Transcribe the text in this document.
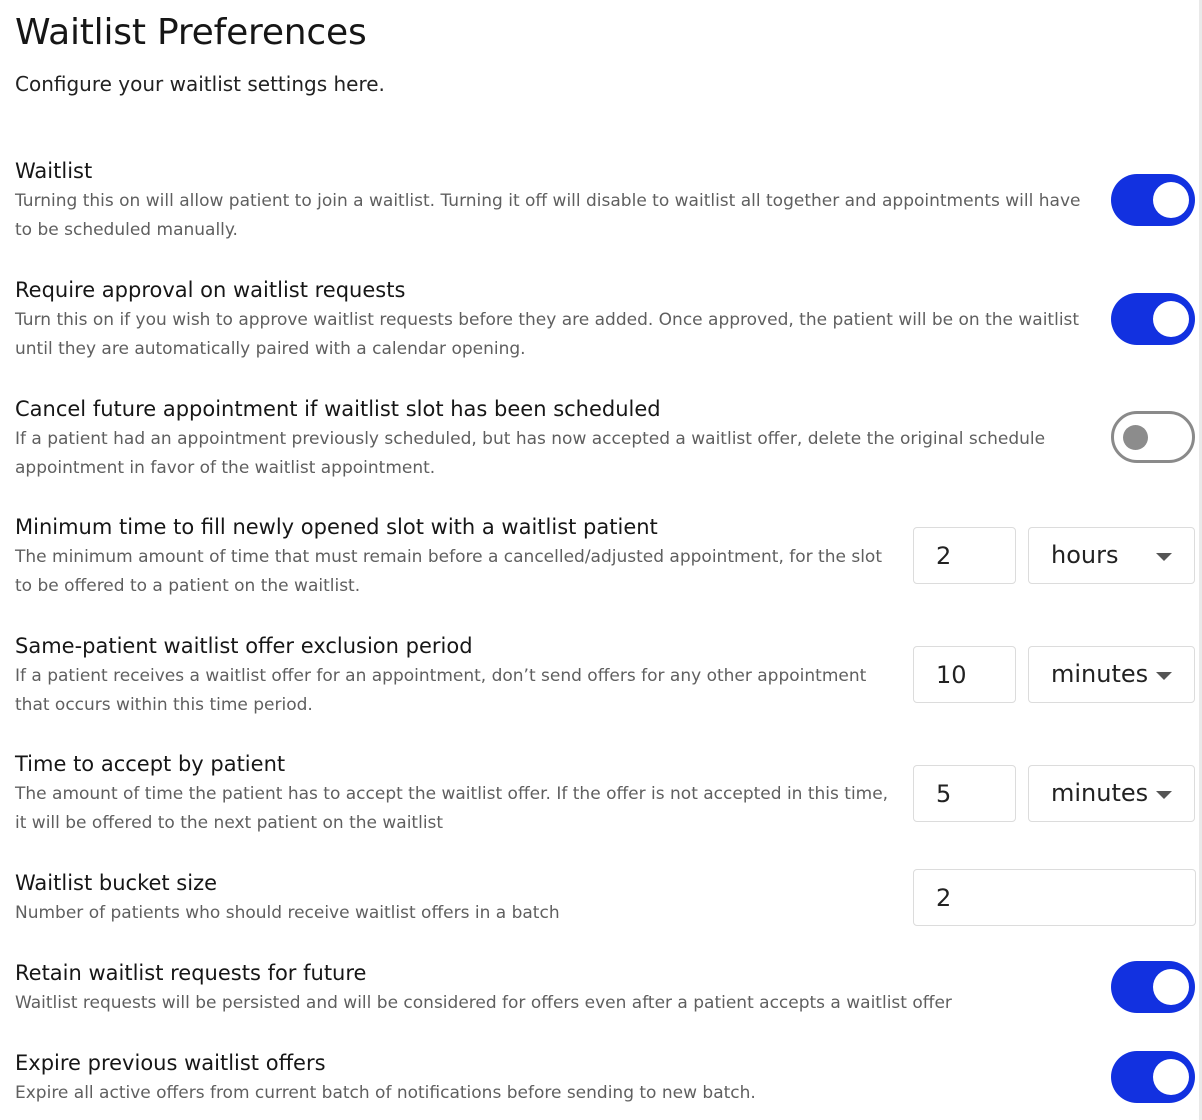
Waitlist Preferences
Configure your waitlist settings here.
Waitlist
Turning this on will allow patient to join a waitlist. Turning it off will disable to waitlist all together and appointments will have to be scheduled manually.
Require approval on waitlist requests
Turn this on if you wish to approve waitlist requests before they are added. Once approved, the patient will be on the waitlist until they are automatically paired with a calendar opening.
Cancel future appointment if waitlist slot has been scheduled
If a patient had an appointment previously scheduled, but has now accepted a waitlist offer, delete the original schedule appointment in favor of the waitlist appointment.
Minimum time to fill newly opened slot with a waitlist patient
The minimum amount of time that must remain before a cancelled/adjusted appointment, for the slot to be offered to a patient on the waitlist.
2
hours
Same-patient waitlist offer exclusion period
If a patient receives a waitlist offer for an appointment, don’t send offers for any other appointment that occurs within this time period.
10
minutes
Time to accept by patient
The amount of time the patient has to accept the waitlist offer. If the offer is not accepted in this time, it will be offered to the next patient on the waitlist
5
minutes
Waitlist bucket size
Number of patients who should receive waitlist offers in a batch
2
Retain waitlist requests for future
Waitlist requests will be persisted and will be considered for offers even after a patient accepts a waitlist offer
Expire previous waitlist offers
Expire all active offers from current batch of notifications before sending to new batch.
